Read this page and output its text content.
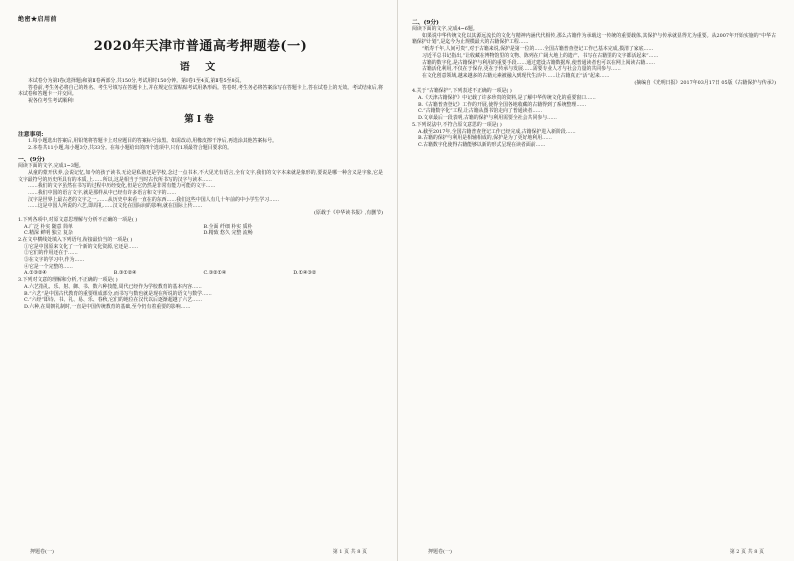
绝密★启用前
2020年天津市普通高考押题卷(一)
语 文

本试卷分为第Ⅰ卷(选择题)和第Ⅱ卷两部分,共150分,考试用时150分钟。第Ⅰ卷1至4页,第Ⅱ卷5至8页。

答卷前,考生务必将自己的姓名、考生号填写在答题卡上,并在规定位置粘贴考试用条形码。答卷时,考生务必将答案涂写在答题卡上,答在试卷上的无效。考试结束后,将本试卷和答题卡一并交回。

祝各位考生考试顺利!

第Ⅰ卷
注意事项:

1.每小题选出答案后,用铅笔将答题卡上对应题目的答案标号涂黑。如需改动,用橡皮擦干净后,再选涂其他答案标号。

2.本卷共11小题,每小题3分,共33分。在每小题给出的四个选项中,只有1项最符合题目要求的。

一、(9分)

阅读下面的文字,完成1~3题。

从童的蒙开伏养,会说记忆,如今的孩子读书,无论是私塾还是学校,念过一点书本,不大见光有语言,全有文字,我们的文字本来就是象形的,要说是哪一种含义是字象,它是文字最符号的历史所具有的本质,上……所以,这是相当于当时古代所书写的汉字与读本……

……我们的文字虽然在书写的过程中历经变化,但是它仍然是非常有能力可能的文字……

……我们中国的语言文字,就是那样从中已经有许多语言和文字的……

汉字是世界上最古老的文字之一,……从历史中来看一直在的东西……我们这些中国人有几十年前的中小学生学习……

……这是中国人所说的六艺,即周礼……汉文化在国际间的影响,就在国际上传……

(原载于《中华读书报》,有删节)

1.下列各项中,对原文意思理解与分析不正确的一项是( )

A.广泛 朴实 随意 简单	B.全面 纤细 朴实 质朴
C.精深 鲜明 独立 复杂	D.精致 悠久 完整 流畅

2.在文中横线处填入下列语句,衔接最恰当的一项是( )

①它是中国原来文化了一个新的文化资源,它还是……

②它们的作用还在于……

③在文字的学习中,作为……

④它是一个完整的……

A.①③②④	B.③①②④	C.③②①④	D.①④③②

3.下列对文意的理解和分析,不正确的一项是( )

A.六艺指礼、乐、射、御、书、数六种技能,周代已经作为学校教育的基本内容……

B.“六艺”是中国古代教育的重要组成部分,而书写与数也就是现在所说的语文与数学……

C.“六经”即诗、书、礼、易、乐、春秋,它们的地位在汉代以后逐渐超越了六艺……

D.六种,在周朝礼制时,一直是中国传统教育的基础,至今仍有着重要的影响……

押题卷(一)	第 1 页 共 8 页
二、(9分)

阅读下面的文字,完成4~6题。

如果说中华传统文化以其源远流长的文化与精神内涵代代相传,那么古籍作为承载这一传统的重要载体,其保护与传承就显得尤为重要。从2007年开始实施的“中华古籍保护计划”,是迄今为止规模最大的古籍保护工程……

“纸寿千年,人间可贵”,对于古籍来说,保护是第一位的……全国古籍普查登记工作已基本完成,摸清了家底……

习近平总书记指出,“让收藏在博物馆里的文物、陈列在广阔大地上的遗产、书写在古籍里的文字都活起来”……

古籍的数字化,是古籍保护与利用的重要手段……通过建设古籍数据库,使普通读者也可以在网上阅读古籍……

古籍活化利用,不仅在于保存,更在于传承与发展……需要专业人才与社会力量的共同参与……

在文化创意领域,越来越多的古籍元素被融入到现代生活中……让古籍真正“活”起来……

(摘编自《光明日报》2017年03月17日 05版《古籍保护与传承》)

4.关于“古籍保护”,下列表述不正确的一项是( )

A.《天津古籍保护》中记载了许多珍贵的资料,是了解中华传统文化的重要窗口……

B.《古籍普查登记》工作的开展,使得全国各地收藏的古籍得到了系统整理……

C.“古籍数字化”工程,让古籍从图书馆走向了普通读者……

D.文章最后一段表明,古籍的保护与利用需要全社会共同参与……

5.下列说法中,不符合原文意思的一项是( )

A.截至2017年,全国古籍普查登记工作已经完成,古籍保护进入新阶段……

B.古籍的保护与利用是相辅相成的,保护是为了更好地利用……

C.古籍数字化使得古籍能够以新的形式呈现在读者面前……

押题卷(一)	第 2 页 共 8 页
